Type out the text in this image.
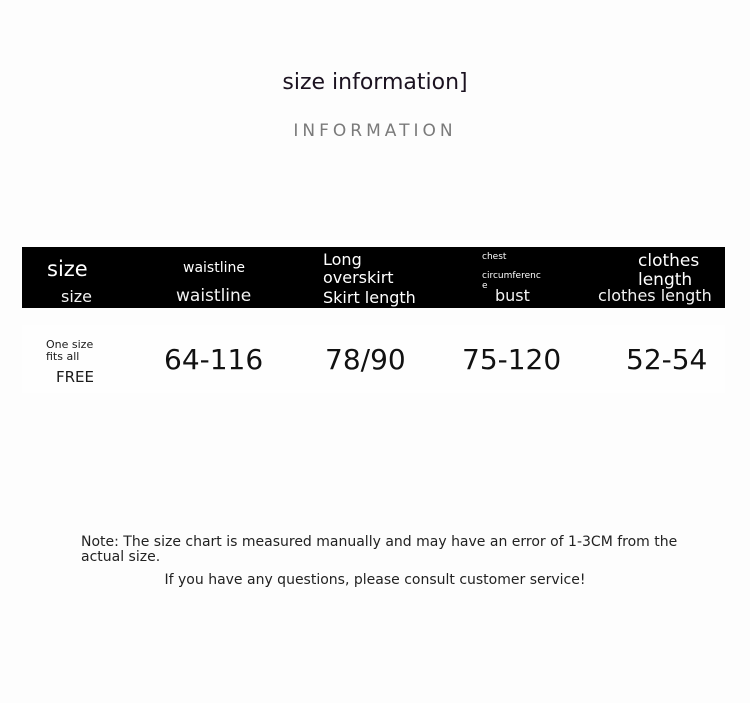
size information]
INFORMATION
size
size
waistline
waistline
Long
overskirt
Skirt length
chest
circumferenc
e bust
clothes
length
clothes length
One size
fits all
FREE
64-116 78/90 75-120 52-54
Note: The size chart is measured manually and may have an error of 1-3CM from the actual size.
If you have any questions, please consult customer service!
